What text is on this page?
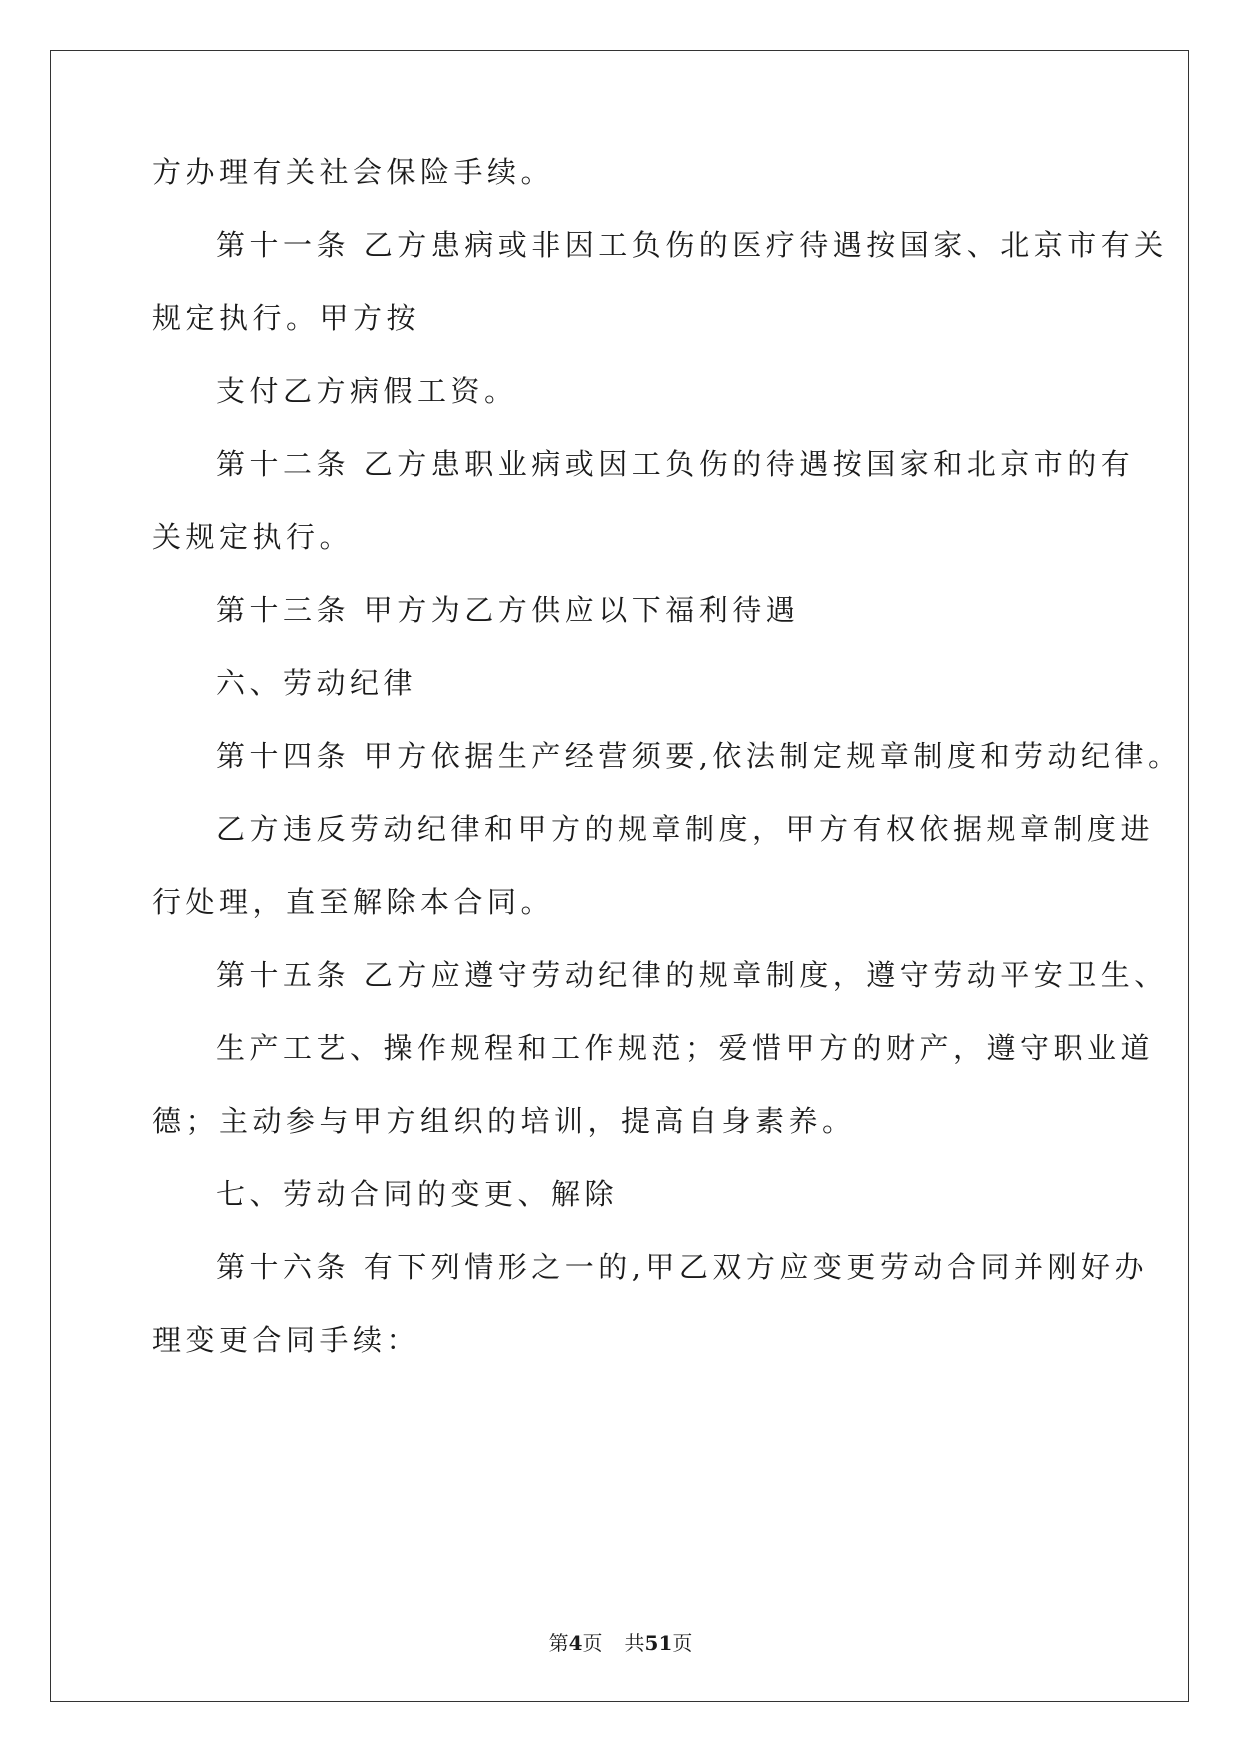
方办理有关社会保险手续。

第十一条 乙方患病或非因工负伤的医疗待遇按国家、北京市有关

规定执行。甲方按

支付乙方病假工资。

第十二条 乙方患职业病或因工负伤的待遇按国家和北京市的有

关规定执行。

第十三条 甲方为乙方供应以下福利待遇

六、劳动纪律

第十四条 甲方依据生产经营须要,依法制定规章制度和劳动纪律。

乙方违反劳动纪律和甲方的规章制度，甲方有权依据规章制度进

行处理，直至解除本合同。

第十五条 乙方应遵守劳动纪律的规章制度，遵守劳动平安卫生、

生产工艺、操作规程和工作规范；爱惜甲方的财产，遵守职业道

德；主动参与甲方组织的培训，提高自身素养。

七、劳动合同的变更、解除

第十六条 有下列情形之一的,甲乙双方应变更劳动合同并刚好办

理变更合同手续：

第4页 共51页
